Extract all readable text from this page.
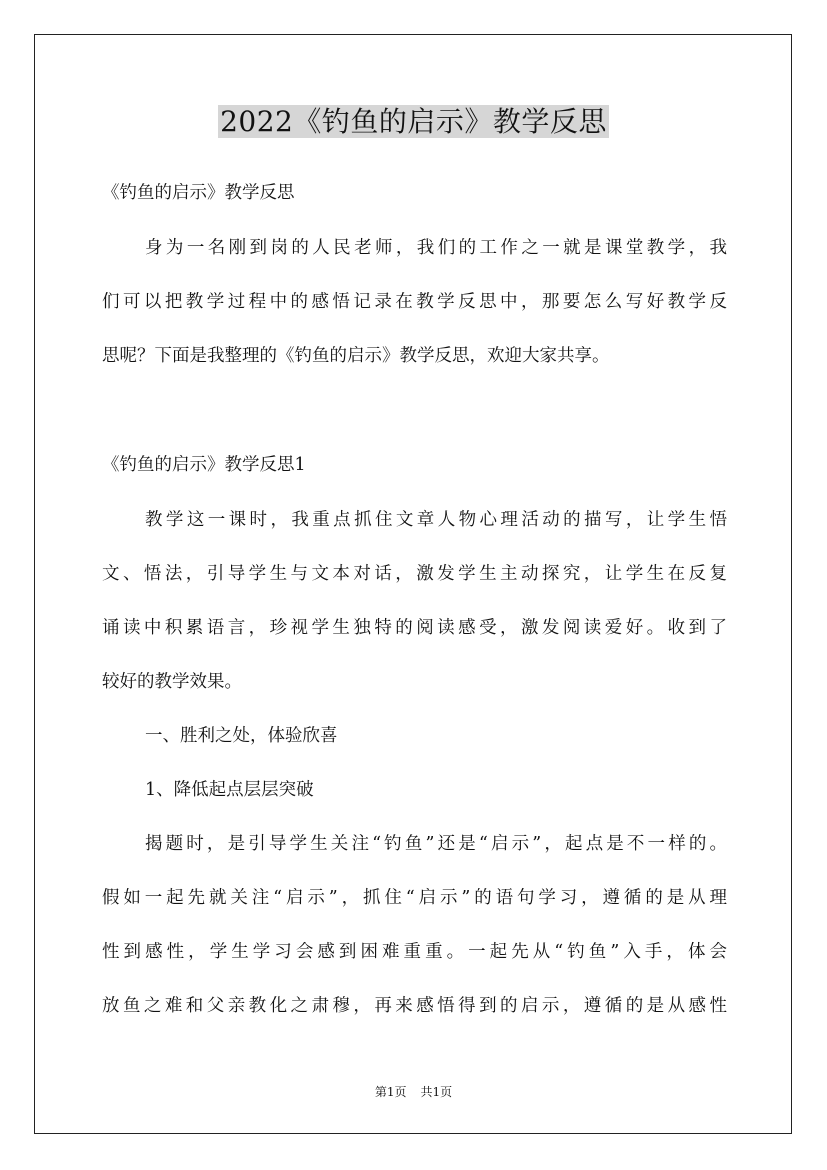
2022《钓鱼的启示》教学反思
《钓鱼的启示》教学反思
身为一名刚到岗的人民老师，我们的工作之一就是课堂教学，我
们可以把教学过程中的感悟记录在教学反思中，那要怎么写好教学反
思呢？下面是我整理的《钓鱼的启示》教学反思，欢迎大家共享。
《钓鱼的启示》教学反思1
教学这一课时，我重点抓住文章人物心理活动的描写，让学生悟
文、悟法，引导学生与文本对话，激发学生主动探究，让学生在反复
诵读中积累语言，珍视学生独特的阅读感受，激发阅读爱好。收到了
较好的教学效果。
一、胜利之处，体验欣喜
1、降低起点层层突破
揭题时，是引导学生关注“钓鱼”还是“启示”，起点是不一样的。
假如一起先就关注“启示”，抓住“启示”的语句学习，遵循的是从理
性到感性，学生学习会感到困难重重。一起先从“钓鱼”入手，体会
放鱼之难和父亲教化之肃穆，再来感悟得到的启示，遵循的是从感性
第1页 共1页
